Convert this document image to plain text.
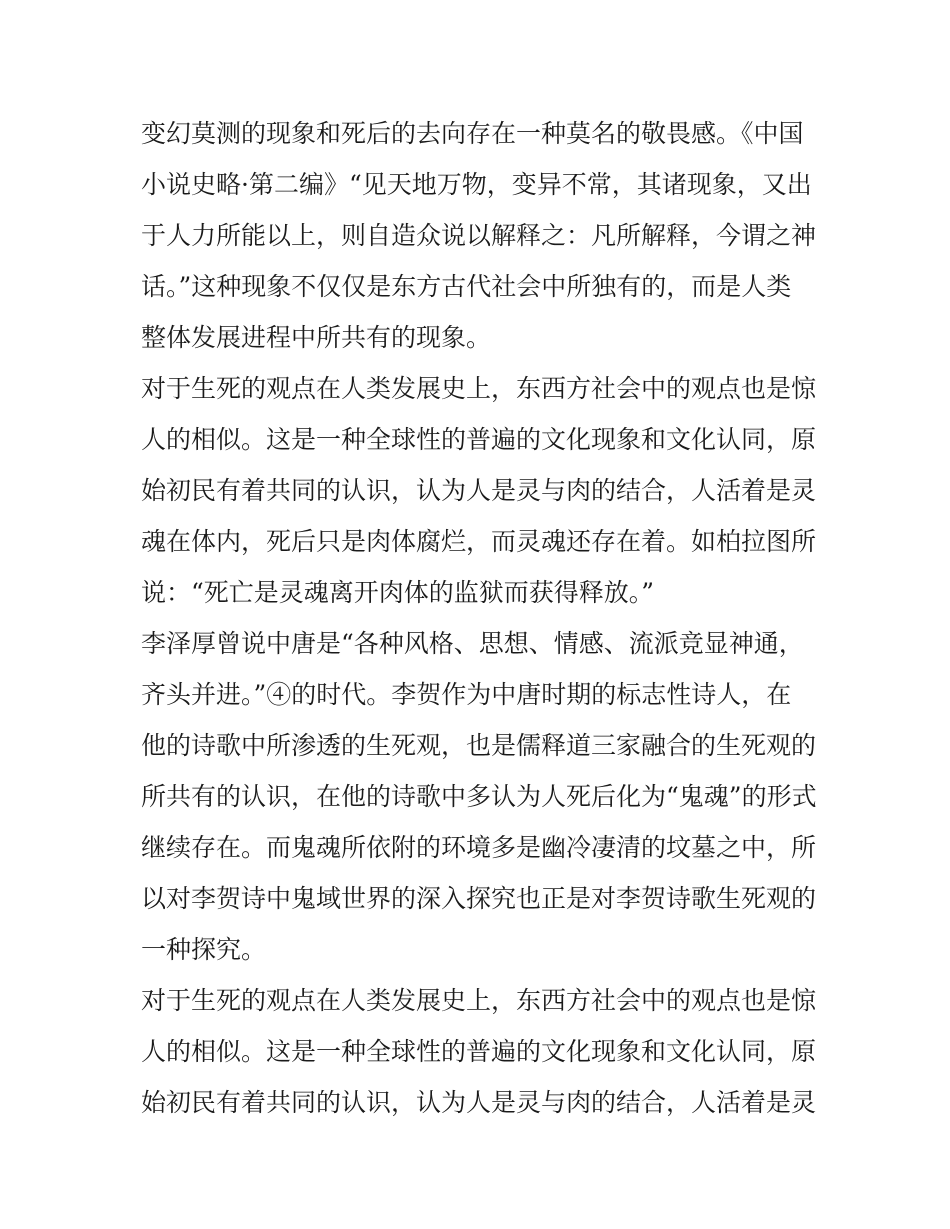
变幻莫测的现象和死后的去向存在一种莫名的敬畏感。《中国
小说史略·第二编》“见天地万物，变异不常，其诸现象，又出
于人力所能以上，则自造众说以解释之：凡所解释，今谓之神
话。”这种现象不仅仅是东方古代社会中所独有的，而是人类
整体发展进程中所共有的现象。
对于生死的观点在人类发展史上，东西方社会中的观点也是惊
人的相似。这是一种全球性的普遍的文化现象和文化认同，原
始初民有着共同的认识，认为人是灵与肉的结合，人活着是灵
魂在体内，死后只是肉体腐烂，而灵魂还存在着。如柏拉图所
说：“死亡是灵魂离开肉体的监狱而获得释放。”
李泽厚曾说中唐是“各种风格、思想、情感、流派竞显神通，
齐头并进。”④的时代。李贺作为中唐时期的标志性诗人，在
他的诗歌中所渗透的生死观，也是儒释道三家融合的生死观的
所共有的认识，在他的诗歌中多认为人死后化为“鬼魂”的形式
继续存在。而鬼魂所依附的环境多是幽冷凄清的坟墓之中，所
以对李贺诗中鬼域世界的深入探究也正是对李贺诗歌生死观的
一种探究。
对于生死的观点在人类发展史上，东西方社会中的观点也是惊
人的相似。这是一种全球性的普遍的文化现象和文化认同，原
始初民有着共同的认识，认为人是灵与肉的结合，人活着是灵
